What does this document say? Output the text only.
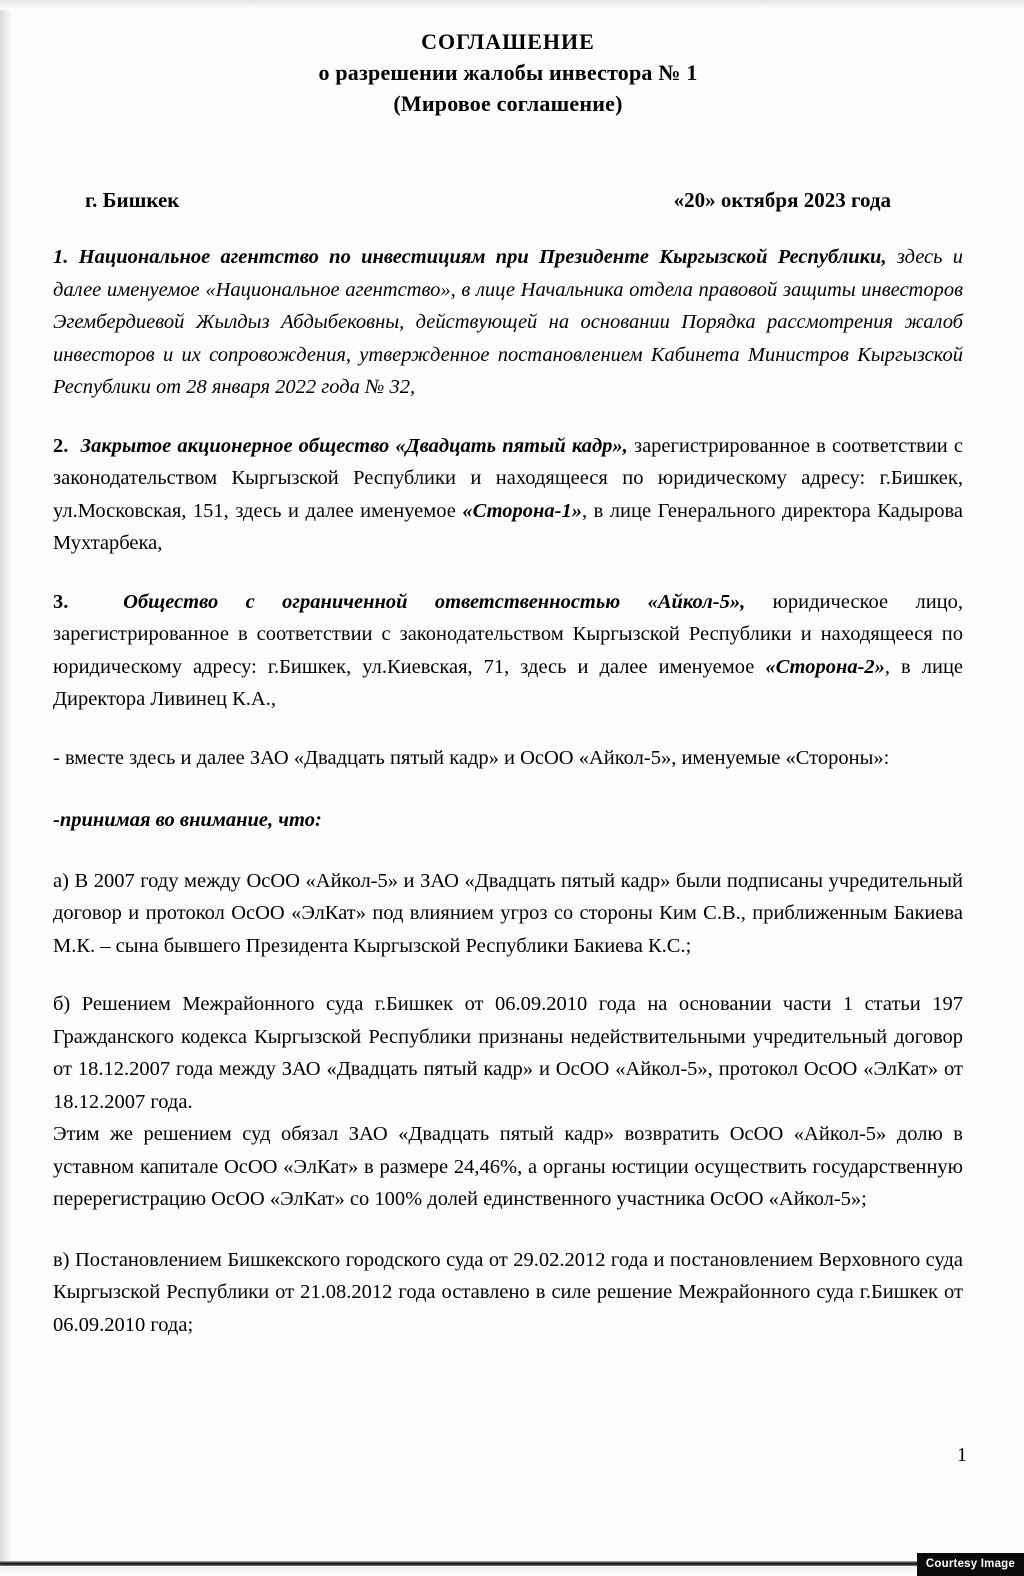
СОГЛАШЕНИЕ
о разрешении жалобы инвестора № 1
(Мировое соглашение)
г. Бишкек	«20» октября 2023 года

1. Национальное агентство по инвестициям при Президенте Кыргызской Республики, здесь и далее именуемое «Национальное агентство», в лице Начальника отдела правовой защиты инвесторов Эгембердиевой Жылдыз Абдыбековны, действующей на основании Порядка рассмотрения жалоб инвесторов и их сопровождения, утвержденное постановлением Кабинета Министров Кыргызской Республики от 28 января 2022 года № 32,

2. Закрытое акционерное общество «Двадцать пятый кадр», зарегистрированное в соответствии с законодательством Кыргызской Республики и находящееся по юридическому адресу: г.Бишкек, ул.Московская, 151, здесь и далее именуемое «Сторона-1», в лице Генерального директора Кадырова Мухтарбека,

3.	Общество с ограниченной ответственностью «Айкол-5», юридическое лицо, зарегистрированное в соответствии с законодательством Кыргызской Республики и находящееся по юридическому адресу: г.Бишкек, ул.Киевская, 71, здесь и далее именуемое «Сторона-2», в лице Директора Ливинец К.А.,

- вместе здесь и далее ЗАО «Двадцать пятый кадр» и ОсОО «Айкол-5», именуемые «Стороны»:

-принимая во внимание, что:

а) В 2007 году между ОсОО «Айкол-5» и ЗАО «Двадцать пятый кадр» были подписаны учредительный договор и протокол ОсОО «ЭлКат» под влиянием угроз со стороны Ким С.В., приближенным Бакиева М.К. – сына бывшего Президента Кыргызской Республики Бакиева К.С.;

б) Решением Межрайонного суда г.Бишкек от 06.09.2010 года на основании части 1 статьи 197 Гражданского кодекса Кыргызской Республики признаны недействительными учредительный договор от 18.12.2007 года между ЗАО «Двадцать пятый кадр» и ОсОО «Айкол-5», протокол ОсОО «ЭлКат» от 18.12.2007 года.

Этим же решением суд обязал ЗАО «Двадцать пятый кадр» возвратить ОсОО «Айкол-5» долю в уставном капитале ОсОО «ЭлКат» в размере 24,46%, а органы юстиции осуществить государственную перерегистрацию ОсОО «ЭлКат» со 100% долей единственного участника ОсОО «Айкол-5»;

в) Постановлением Бишкекского городского суда от 29.02.2012 года и постановлением Верховного суда Кыргызской Республики от 21.08.2012 года оставлено в силе решение Межрайонного суда г.Бишкек от 06.09.2010 года;

1
Courtesy Image
